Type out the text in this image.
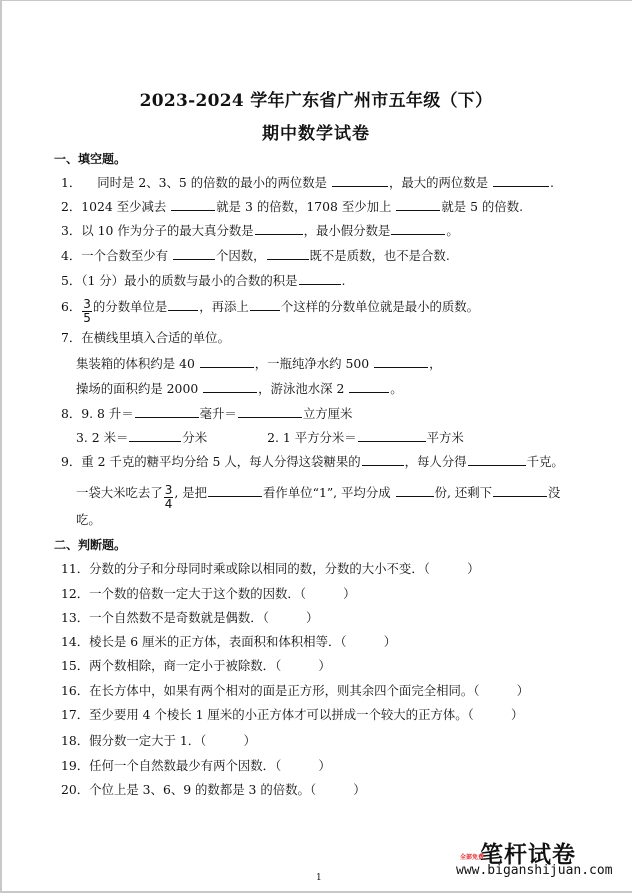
2023-2024 学年广东省广州市五年级（下）
期中数学试卷
一、填空题。
1． 同时是 2、3、5 的倍数的最小的两位数是	，最大的两位数是	.
2．1024 至少减去	就是 3 的倍数，1708 至少加上	就是 5 的倍数.
3．以 10 作为分子的最大真分数是	，最小假分数是	。
4．一个合数至少有	个因数，	既不是质数，也不是合数.
5．（1 分）最小的质数与最小的合数的积是	.
6． $\frac{3}{5}$ 的分数单位是	，再添上	个这样的分数单位就是最小的质数。
7．在横线里填入合适的单位。
集装箱的体积约是 40	，一瓶纯净水约 500	，
操场的面积约是 2000	，游泳池水深 2	。
8．9. 8 升＝	毫升＝	立方厘米
3. 2 米＝	分米	2. 1 平方分米＝	平方米
9．重 2 千克的糖平均分给 5 人，每人分得这袋糖果的	，每人分得	千克。
一袋大米吃去了 $\frac{3}{4}$ , 是把	看作单位“1”, 平均分成	份, 还剩下	没
吃。
二、判断题。
11．分数的分子和分母同时乘或除以相同的数，分数的大小不变．（　　　）
12．一个数的倍数一定大于这个数的因数．（　　　）
13．一个自然数不是奇数就是偶数．（　　　）
14．棱长是 6 厘米的正方体，表面积和体积相等．（　　　）
15．两个数相除，商一定小于被除数．（　　　）
16．在长方体中，如果有两个相对的面是正方形，则其余四个面完全相同。（　　　）
17．至少要用 4 个棱长 1 厘米的小正方体才可以拼成一个较大的正方体。（　　　）
18．假分数一定大于 1．（　　　）
19．任何一个自然数最少有两个因数．（　　　）
20．个位上是 3、6、9 的数都是 3 的倍数。（　　　）
1
笔杆试卷
全部免费
www.biganshijuan.com
